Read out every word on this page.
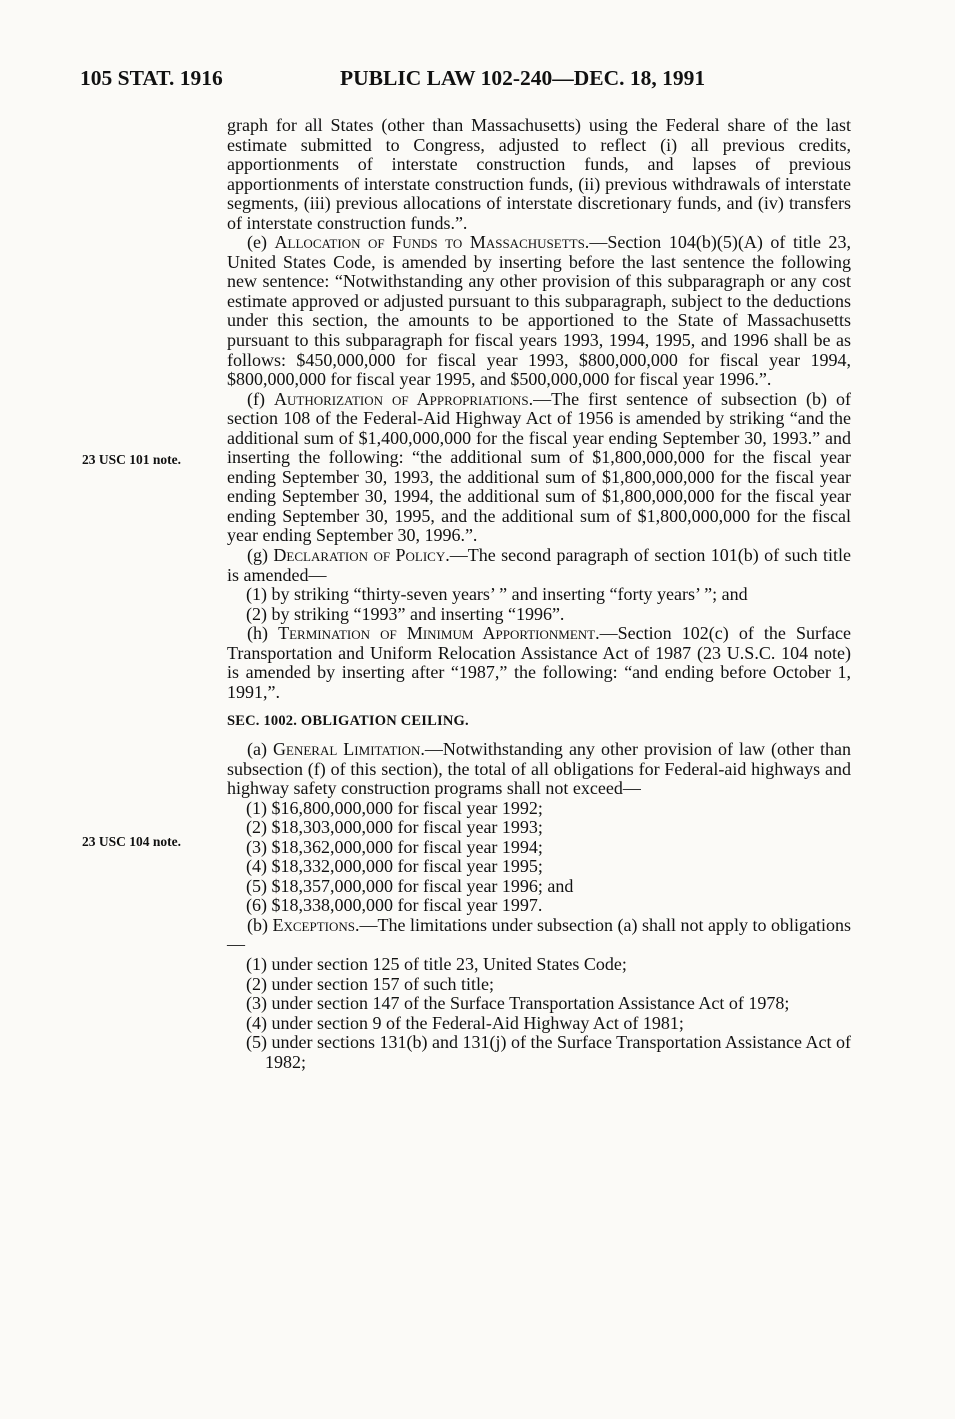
105 STAT. 1916	PUBLIC LAW 102-240—DEC. 18, 1991
23 USC 101 note.
23 USC 104 note.

graph for all States (other than Massachusetts) using the Federal share of the last estimate submitted to Congress, adjusted to reflect (i) all previous credits, apportionments of interstate construction funds, and lapses of previous apportionments of interstate construction funds, (ii) previous withdrawals of interstate segments, (iii) previous allocations of interstate discretionary funds, and (iv) transfers of interstate construction funds.”.

(e) Allocation of Funds to Massachusetts.—Section 104(b)(5)(A) of title 23, United States Code, is amended by inserting before the last sentence the following new sentence: “Notwithstanding any other provision of this subparagraph or any cost estimate approved or adjusted pursuant to this subparagraph, subject to the deductions under this section, the amounts to be apportioned to the State of Massachusetts pursuant to this subparagraph for fiscal years 1993, 1994, 1995, and 1996 shall be as follows: $450,000,000 for fiscal year 1993, $800,000,000 for fiscal year 1994, $800,000,000 for fiscal year 1995, and $500,000,000 for fiscal year 1996.”.

(f) Authorization of Appropriations.—The first sentence of subsection (b) of section 108 of the Federal-Aid Highway Act of 1956 is amended by striking “and the additional sum of $1,400,000,000 for the fiscal year ending September 30, 1993.” and inserting the following: “the additional sum of $1,800,000,000 for the fiscal year ending September 30, 1993, the additional sum of $1,800,000,000 for the fiscal year ending September 30, 1994, the additional sum of $1,800,000,000 for the fiscal year ending September 30, 1995, and the additional sum of $1,800,000,000 for the fiscal year ending September 30, 1996.”.

(g) Declaration of Policy.—The second paragraph of section 101(b) of such title is amended—

(1) by striking “thirty-seven years’ ” and inserting “forty years’ ”; and

(2) by striking “1993” and inserting “1996”.

(h) Termination of Minimum Apportionment.—Section 102(c) of the Surface Transportation and Uniform Relocation Assistance Act of 1987 (23 U.S.C. 104 note) is amended by inserting after “1987,” the following: “and ending before October 1, 1991,”.

SEC. 1002. OBLIGATION CEILING.

(a) General Limitation.—Notwithstanding any other provision of law (other than subsection (f) of this section), the total of all obligations for Federal-aid highways and highway safety construction programs shall not exceed—

(1) $16,800,000,000 for fiscal year 1992;

(2) $18,303,000,000 for fiscal year 1993;

(3) $18,362,000,000 for fiscal year 1994;

(4) $18,332,000,000 for fiscal year 1995;

(5) $18,357,000,000 for fiscal year 1996; and

(6) $18,338,000,000 for fiscal year 1997.

(b) Exceptions.—The limitations under subsection (a) shall not apply to obligations—

(1) under section 125 of title 23, United States Code;

(2) under section 157 of such title;

(3) under section 147 of the Surface Transportation Assistance Act of 1978;

(4) under section 9 of the Federal-Aid Highway Act of 1981;

(5) under sections 131(b) and 131(j) of the Surface Transportation Assistance Act of 1982;
